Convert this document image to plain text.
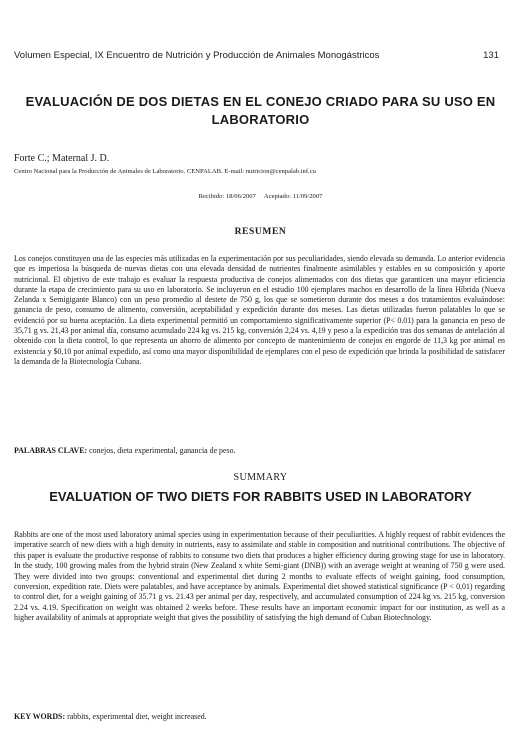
Volumen Especial, IX Encuentro de Nutrición y Producción de Animales Monogástricos	131
EVALUACIÓN DE DOS DIETAS EN EL CONEJO CRIADO PARA SU USO EN LABORATORIO
Forte C.; Maternal J. D.
Centro Nacional para la Producción de Animales de Laboratorio. CENPALAB. E-mail: nutricion@cenpalab.inf.cu
Recibido: 18/06/2007 Aceptado: 11/09/2007
RESUMEN

Los conejos constituyen una de las especies más utilizadas en la experimentación por sus peculiaridades, siendo elevada su demanda. Lo anterior evidencia que es imperiosa la búsqueda de nuevas dietas con una elevada densidad de nutrientes finalmente asimilables y estables en su composición y aporte nutricional. El objetivo de este trabajo es evaluar la respuesta productiva de conejos alimentados con dos dietas que garanticen una mayor eficiencia durante la etapa de crecimiento para su uso en laboratorio. Se incluyeron en el estudio 100 ejemplares machos en desarrollo de la línea Híbrida (Nueva Zelanda x Semigigante Blanco) con un peso promedio al destete de 750 g, los que se sometieron durante dos meses a dos tratamientos evaluándose: ganancia de peso, consumo de alimento, conversión, aceptabilidad y expedición durante dos meses. Las dietas utilizadas fueron palatables lo que se evidenció por su buena aceptación. La dieta experimental permitió un comportamiento significativamente superior (P< 0.01) para la ganancia en peso de 35,71 g vs. 21,43 por animal día, consumo acumulado 224 kg vs. 215 kg, conversión 2,24 vs. 4,19 y peso a la expedición tras dos semanas de antelación al obtenido con la dieta control, lo que representa un ahorro de alimento por concepto de mantenimiento de conejos en engorde de 11,3 kg por animal en existencia y $0,10 por animal expedido, así como una mayor disponibilidad de ejemplares con el peso de expedición que brinda la posibilidad de satisfacer la demanda de la Biotecnología Cubana.

PALABRAS CLAVE: conejos, dieta experimental, ganancia de peso.

SUMMARY
EVALUATION OF TWO DIETS FOR RABBITS USED IN LABORATORY

Rabbits are one of the most used laboratory animal species using in experimentation because of their peculiarities. A highly request of rabbit evidences the imperative search of new diets with a high density in nutrients, easy to assimilate and stable in composition and nutritional contributions. The objective of this paper is evaluate the productive response of rabbits to consume two diets that produces a higher efficiency during growing stage for use in laboratory. In the study, 100 growing males from the hybrid strain (New Zealand x white Semi-giant (DNB)) with an average weight at weaning of 750 g were used. They were divided into two groups: conventional and experimental diet during 2 months to evaluate effects of weight gaining, food consumption, conversion, expedition rate. Diets were palatables, and have acceptance by animals. Experimental diet showed statistical significance (P < 0,01) regarding to control diet, for a weight gaining of 35.71 g vs. 21.43 per animal per day, respectively, and accumulated consumption of 224 kg vs. 215 kg, conversion 2.24 vs. 4.19. Specification on weight was obtained 2 weeks before. These results have an important economic impact for our institution, as well as a higher availability of animals at appropriate weight that gives the possibility of satisfying the high demand of Cuban Biotechnology.

KEY WORDS: rabbits, experimental diet, weight increased.
